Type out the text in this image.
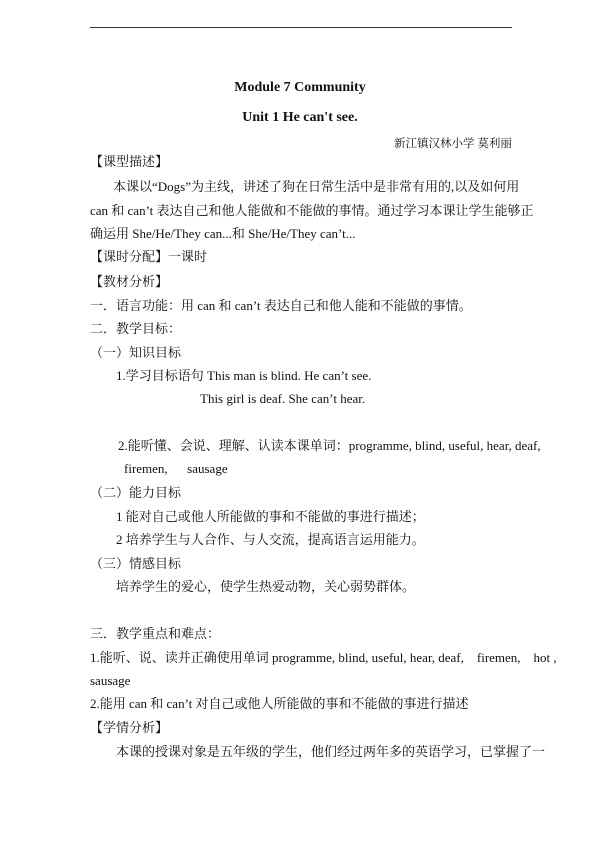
Module 7 Community
Unit 1 He can't see.
新江镇汉林小学 莫利丽
【课型描述】
本课以“Dogs”为主线，讲述了狗在日常生活中是非常有用的,以及如何用
can 和 can’t 表达自己和他人能做和不能做的事情。通过学习本课让学生能够正
确运用 She/He/They can...和 She/He/They can’t...
【课时分配】一课时
【教材分析】
一．语言功能：用 can 和 can’t 表达自己和他人能和不能做的事情。
二．教学目标：
（一）知识目标
1.学习目标语句 This man is blind. He can’t see.
This girl is deaf. She can’t hear.
2.能听懂、会说、理解、认读本课单词：programme, blind, useful, hear, deaf,
firemen,      sausage
（二）能力目标
1 能对自己或他人所能做的事和不能做的事进行描述；
2 培养学生与人合作、与人交流，提高语言运用能力。
（三）情感目标
培养学生的爱心，使学生热爱动物，关心弱势群体。
三．教学重点和难点：
1.能听、说、读并正确使用单词 programme, blind, useful, hear, deaf,    firemen,    hot ,
sausage
2.能用 can 和 can’t 对自己或他人所能做的事和不能做的事进行描述
【学情分析】
本课的授课对象是五年级的学生，他们经过两年多的英语学习，已掌握了一
